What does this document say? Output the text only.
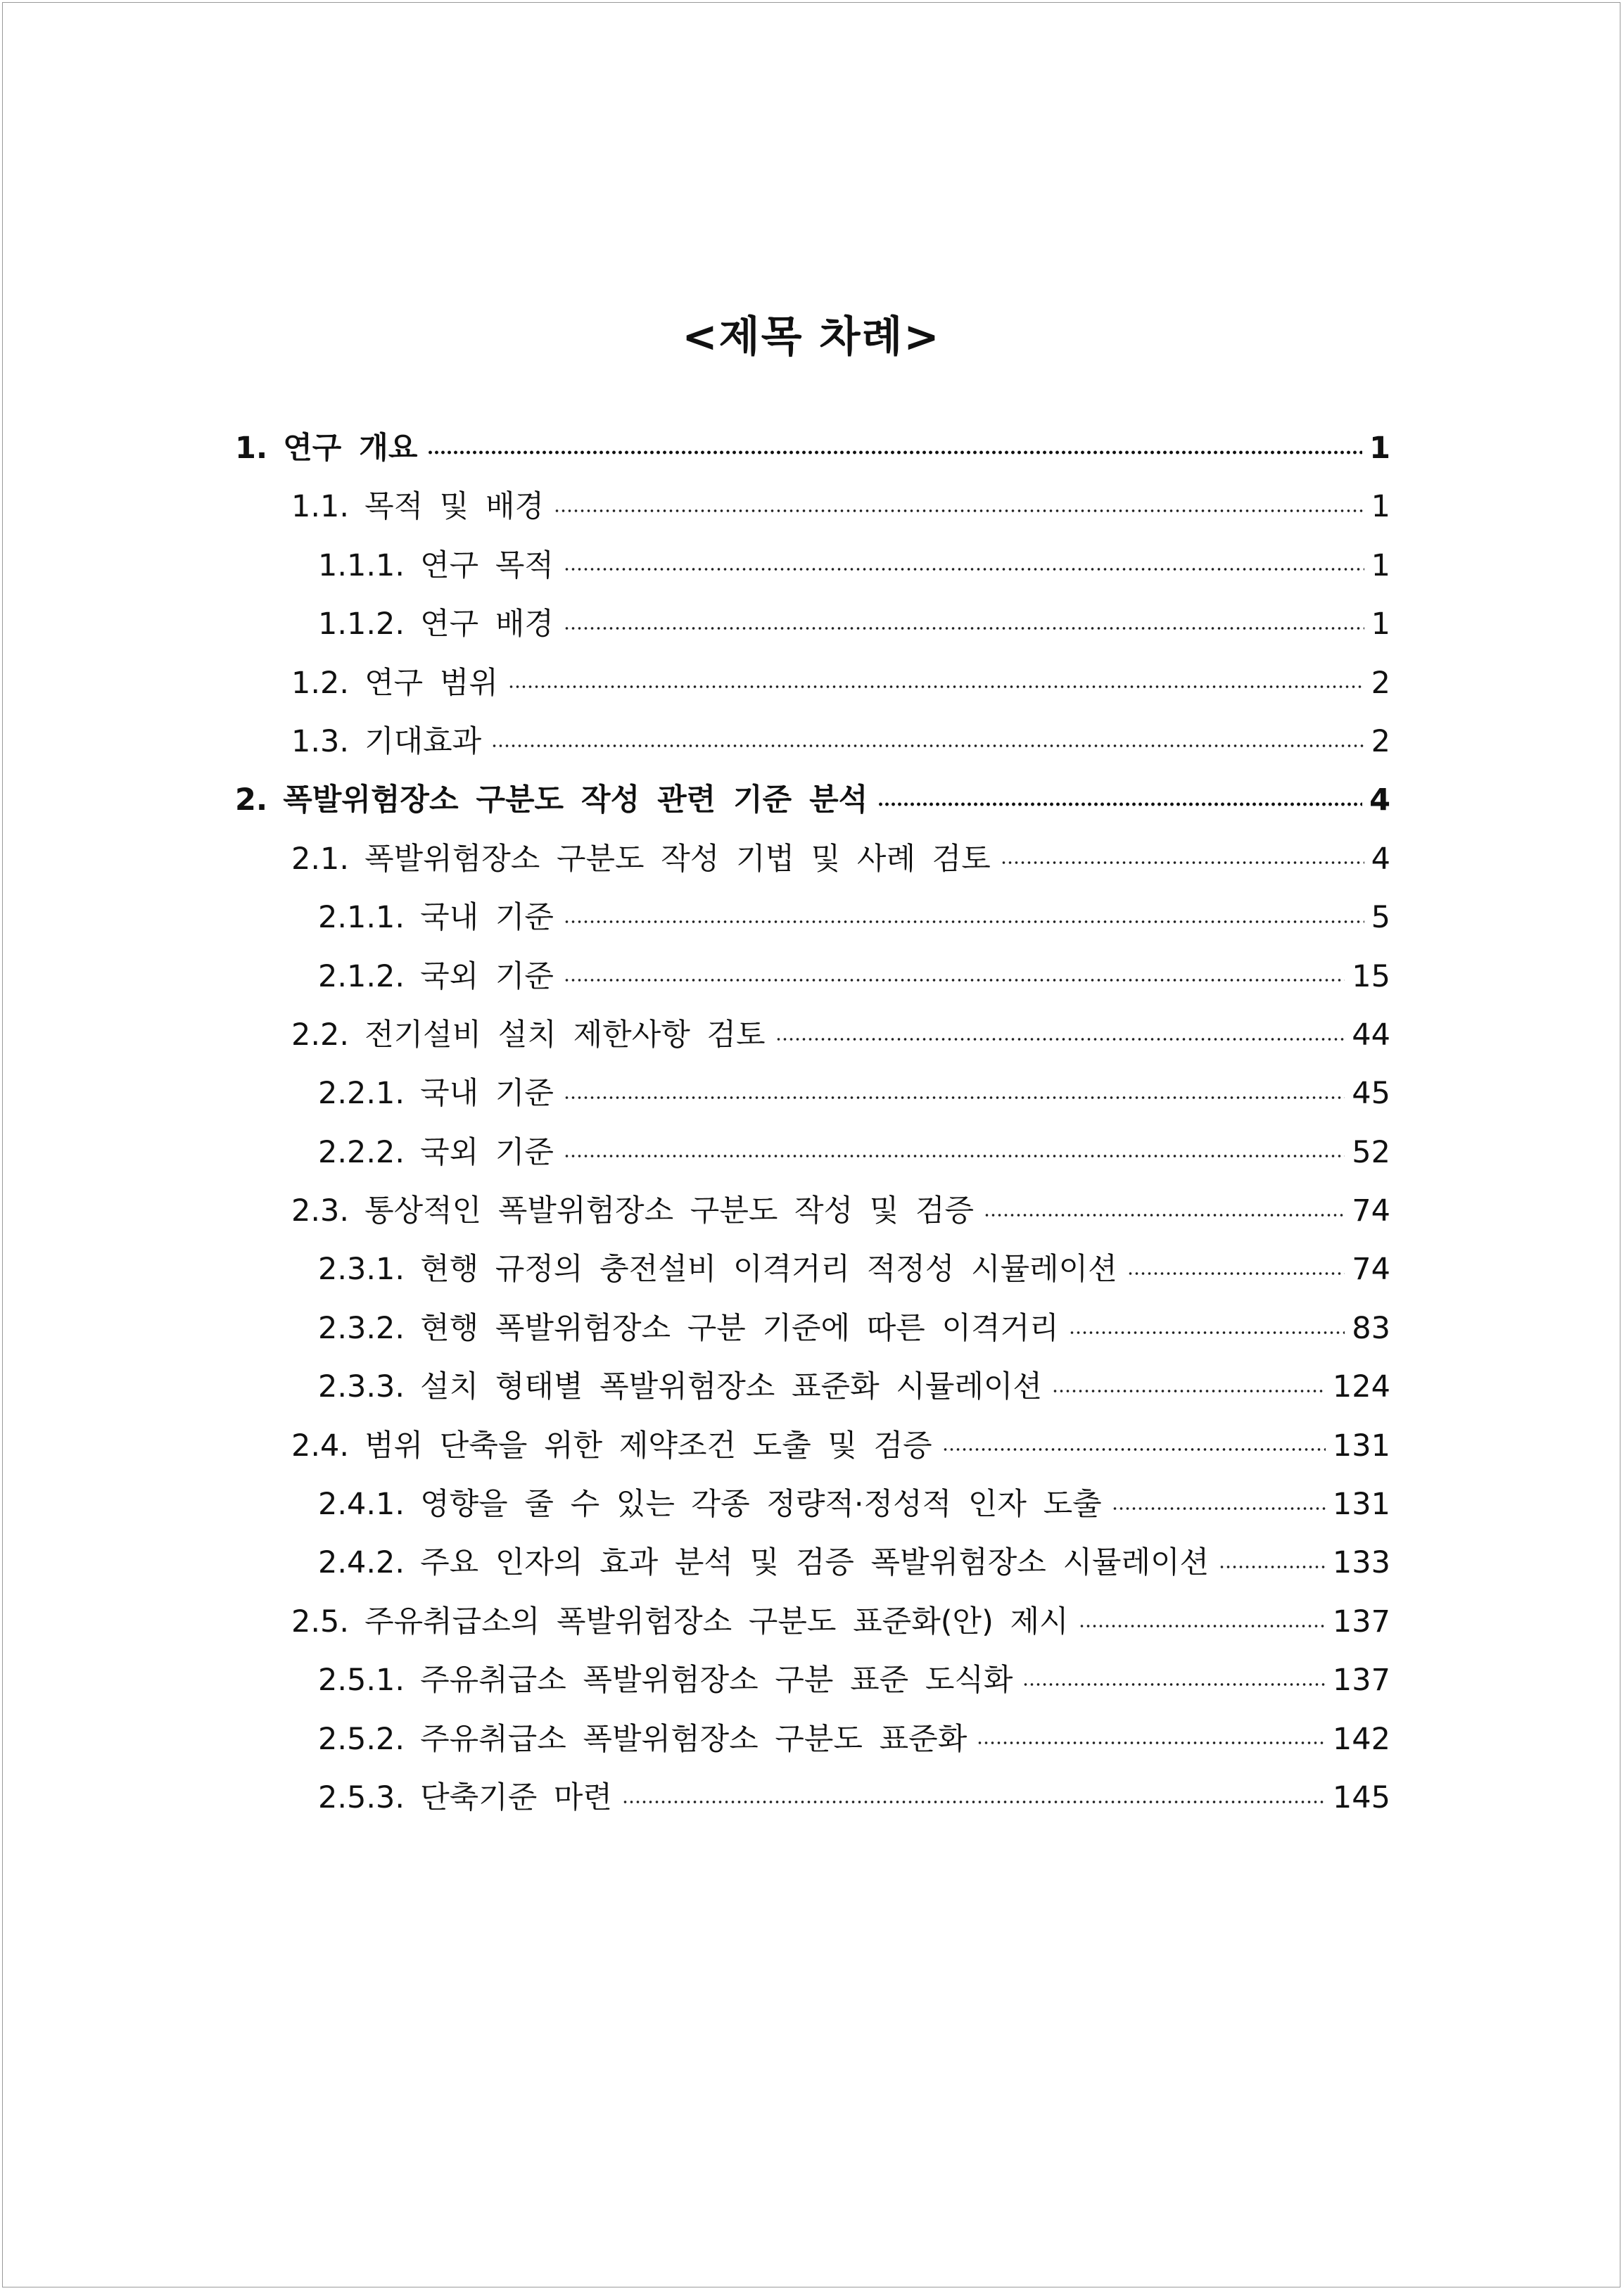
<제목 차례>
1. 연구 개요	1
1.1. 목적 및 배경	1
1.1.1. 연구 목적	1
1.1.2. 연구 배경	1
1.2. 연구 범위	2
1.3. 기대효과	2
2. 폭발위험장소 구분도 작성 관련 기준 분석	4
2.1. 폭발위험장소 구분도 작성 기법 및 사례 검토	4
2.1.1. 국내 기준	5
2.1.2. 국외 기준	15
2.2. 전기설비 설치 제한사항 검토	44
2.2.1. 국내 기준	45
2.2.2. 국외 기준	52
2.3. 통상적인 폭발위험장소 구분도 작성 및 검증	74
2.3.1. 현행 규정의 충전설비 이격거리 적정성 시뮬레이션	74
2.3.2. 현행 폭발위험장소 구분 기준에 따른 이격거리	83
2.3.3. 설치 형태별 폭발위험장소 표준화 시뮬레이션	124
2.4. 범위 단축을 위한 제약조건 도출 및 검증	131
2.4.1. 영향을 줄 수 있는 각종 정량적·정성적 인자 도출	131
2.4.2. 주요 인자의 효과 분석 및 검증 폭발위험장소 시뮬레이션	133
2.5. 주유취급소의 폭발위험장소 구분도 표준화(안) 제시	137
2.5.1. 주유취급소 폭발위험장소 구분 표준 도식화	137
2.5.2. 주유취급소 폭발위험장소 구분도 표준화	142
2.5.3. 단축기준 마련	145
